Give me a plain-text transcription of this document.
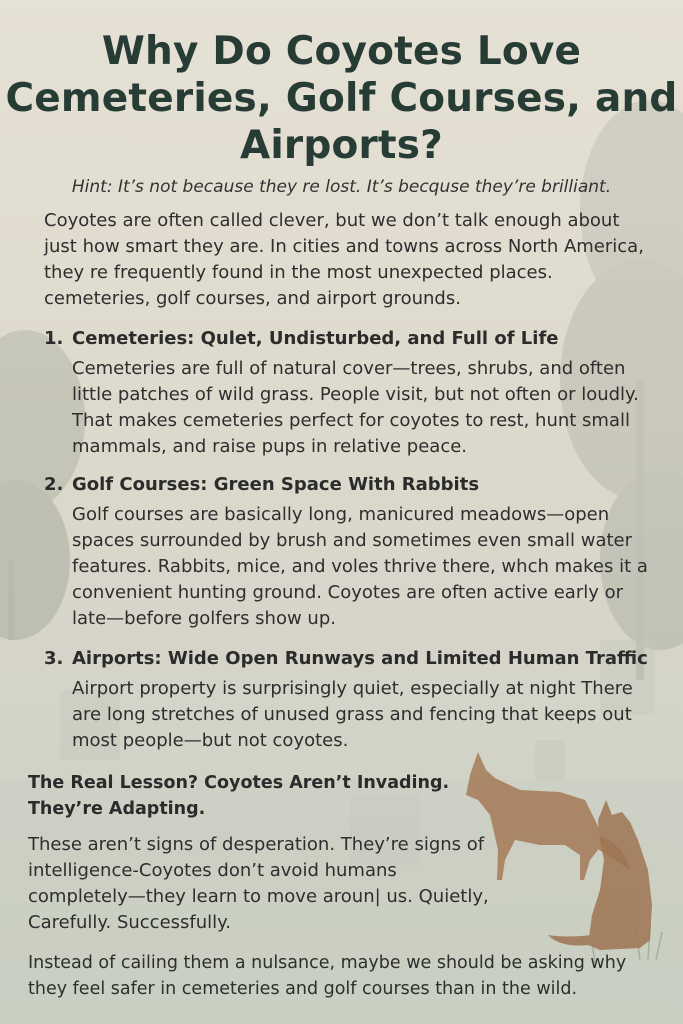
Why Do Coyotes Love Cemeteries, Golf Courses, and Airports?
Hint: It’s not because they re lost. It’s becquse they’re brilliant.

Coyotes are often called clever, but we don’t talk enough about just how smart they are. In cities and towns across North America, they re frequently found in the most unexpected places. cemeteries, golf courses, and airport grounds.

1. Cemeteries: Qulet, Undisturbed, and Full of Life
Cemeteries are full of natural cover—trees, shrubs, and often little patches of wild grass. People visit, but not often or loudly. That makes cemeteries perfect for coyotes to rest, hunt small mammals, and raise pups in relative peace.
2. Golf Courses: Green Space With Rabbits
Golf courses are basically long, manicured meadows—open spaces surrounded by brush and sometimes even small water features. Rabbits, mice, and voles thrive there, whch makes it a convenient hunting ground. Coyotes are often active early or late—before golfers show up.
3. Airports: Wide Open Runways and Limited Human Traffic
Airport property is surprisingly quiet, especially at night There are long stretches of unused grass and fencing that keeps out most people—but not coyotes.
The Real Lesson? Coyotes Aren’t Invading. They’re Adapting.
These aren’t signs of desperation. They’re signs of intelligence-Coyotes don’t avoid humans completely—they learn to move aroun| us. Quietly, Carefully. Successfully.
Instead of cailing them a nulsance, maybe we should be asking why they feel safer in cemeteries and golf courses than in the wild.
